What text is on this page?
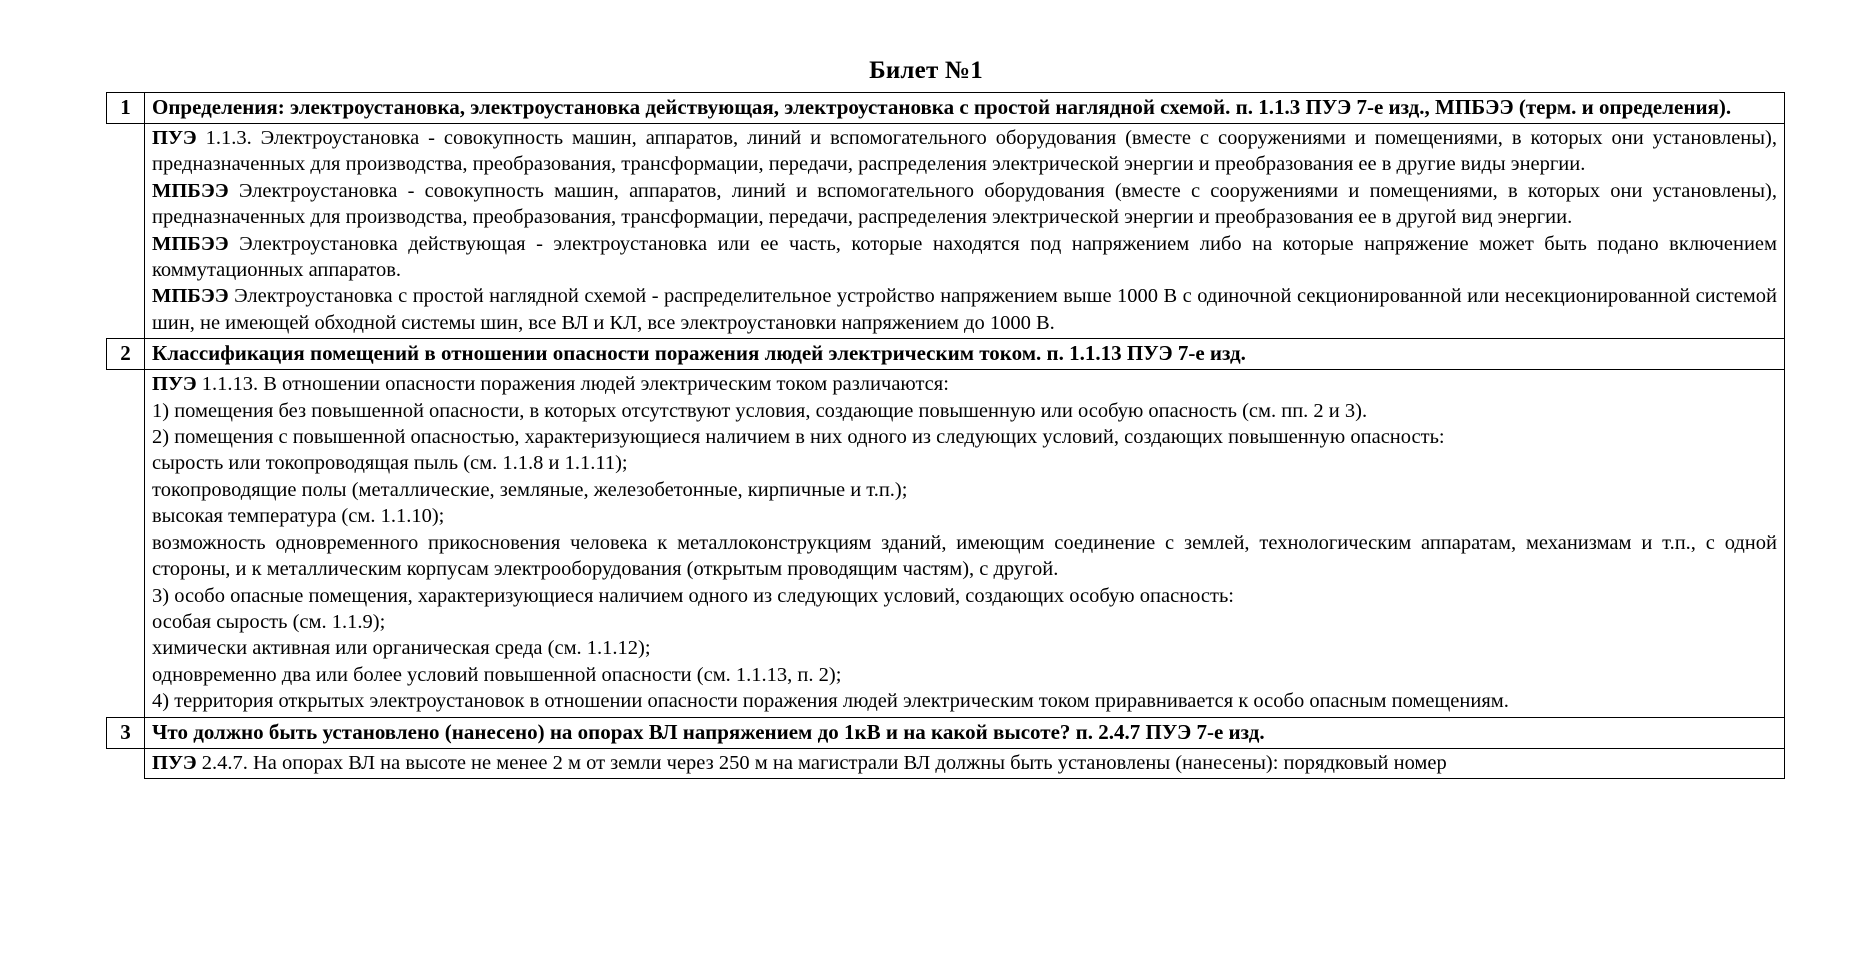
Билет №1
1	Определения: электроустановка, электроустановка действующая, электроустановка с простой наглядной схемой. п. 1.1.3 ПУЭ 7-е изд., МПБЭЭ (терм. и определения).

	ПУЭ 1.1.3. Электроустановка - совокупность машин, аппаратов, линий и вспомогательного оборудования (вместе с сооружениями и помещениями, в которых они установлены), предназначенных для производства, преобразования, трансформации, передачи, распределения электрической энергии и преобразования ее в другие виды энергии.

МПБЭЭ Электроустановка - совокупность машин, аппаратов, линий и вспомогательного оборудования (вместе с сооружениями и помещениями, в которых они установлены), предназначенных для производства, преобразования, трансформации, передачи, распределения электрической энергии и преобразования ее в другой вид энергии.

МПБЭЭ Электроустановка действующая - электроустановка или ее часть, которые находятся под напряжением либо на которые напряжение может быть подано включением коммутационных аппаратов.

МПБЭЭ Электроустановка с простой наглядной схемой - распределительное устройство напряжением выше 1000 В с одиночной секционированной или несекционированной системой шин, не имеющей обходной системы шин, все ВЛ и КЛ, все электроустановки напряжением до 1000 В.

2	Классификация помещений в отношении опасности поражения людей электрическим током. п. 1.1.13 ПУЭ 7-е изд.

ПУЭ 1.1.13. В отношении опасности поражения людей электрическим током различаются:

1) помещения без повышенной опасности, в которых отсутствуют условия, создающие повышенную или особую опасность (см. пп. 2 и 3).

2) помещения с повышенной опасностью, характеризующиеся наличием в них одного из следующих условий, создающих повышенную опасность:

сырость или токопроводящая пыль (см. 1.1.8 и 1.1.11);

токопроводящие полы (металлические, земляные, железобетонные, кирпичные и т.п.);

высокая температура (см. 1.1.10);

возможность одновременного прикосновения человека к металлоконструкциям зданий, имеющим соединение с землей, технологическим аппаратам, механизмам и т.п., с одной стороны, и к металлическим корпусам электрооборудования (открытым проводящим частям), с другой.

3) особо опасные помещения, характеризующиеся наличием одного из следующих условий, создающих особую опасность:

особая сырость (см. 1.1.9);

химически активная или органическая среда (см. 1.1.12);

одновременно два или более условий повышенной опасности (см. 1.1.13, п. 2);

4) территория открытых электроустановок в отношении опасности поражения людей электрическим током приравнивается к особо опасным помещениям.

3	Что должно быть установлено (нанесено) на опорах ВЛ напряжением до 1кВ и на какой высоте? п. 2.4.7 ПУЭ 7-е изд.

	ПУЭ 2.4.7. На опорах ВЛ на высоте не менее 2 м от земли через 250 м на магистрали ВЛ должны быть установлены (нанесены): порядковый номер
